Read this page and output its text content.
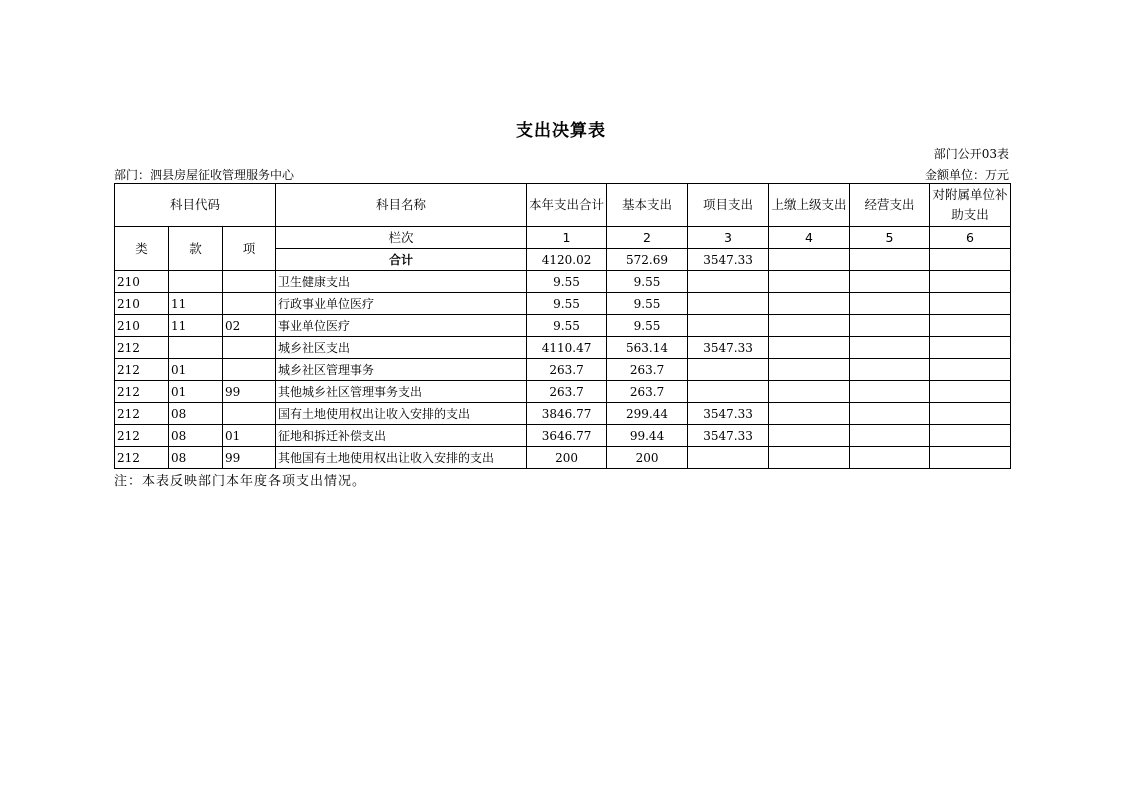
支出决算表
部门公开03表
部门：泗县房屋征收管理服务中心	金额单位：万元
科目代码			科目名称	本年支出合计	基本支出	项目支出	上缴上级支出	经营支出	对附属单位补助支出
类	款	项	栏次	1	2	3	4	5	6
			合计	4120.02	572.69	3547.33			
210			卫生健康支出	9.55	9.55				
210	11		行政事业单位医疗	9.55	9.55				
210	11	02	事业单位医疗	9.55	9.55				
212			城乡社区支出	4110.47	563.14	3547.33			
212	01		城乡社区管理事务	263.7	263.7				
212	01	99	其他城乡社区管理事务支出	263.7	263.7				
212	08		国有土地使用权出让收入安排的支出	3846.77	299.44	3547.33			
212	08	01	征地和拆迁补偿支出	3646.77	99.44	3547.33			
212	08	99	其他国有土地使用权出让收入安排的支出	200	200				
注：本表反映部门本年度各项支出情况。
